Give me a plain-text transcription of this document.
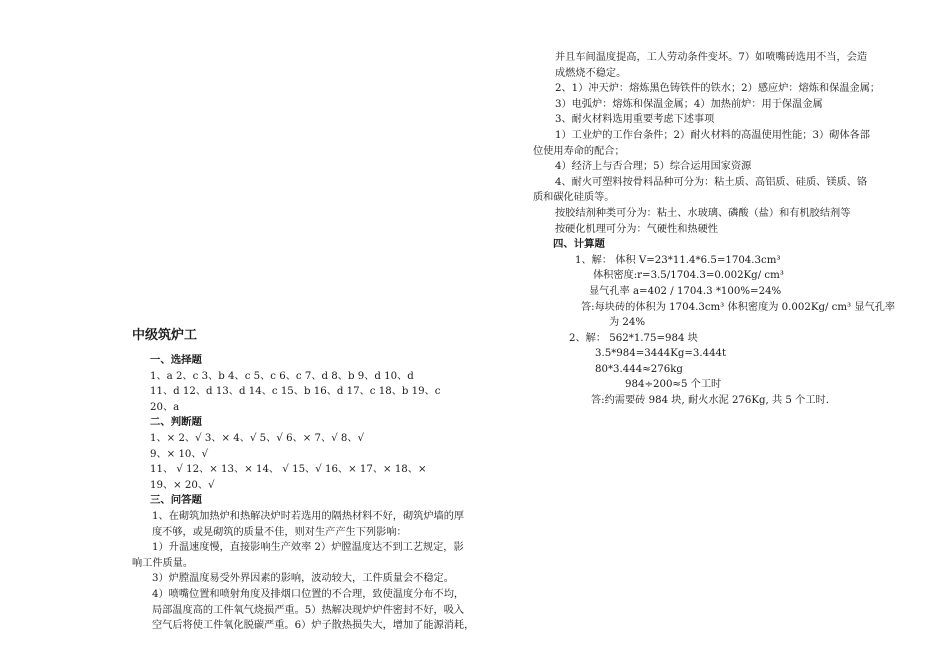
中级筑炉工
一、选择题
1、a 2、c 3、b 4、c 5、c 6、c 7、d 8、b 9、d 10、d
11、d 12、d 13、d 14、c 15、b 16、d 17、c 18、b 19、c
20、a
二、判断题
1、× 2、√ 3、× 4、√ 5、√ 6、× 7、√ 8、√
9、× 10、√
11、 √ 12、× 13、× 14、 √ 15、√ 16、× 17、× 18、×
19、× 20、√
三、问答题
1、在砌筑加热炉和热解决炉时若选用的隔热材料不好，砌筑炉墙的厚
度不够，或晃砌筑的质量不佳，则对生产产生下列影响：
1）升温速度慢，直接影响生产效率 2）炉膛温度达不到工艺规定，影
响工件质量。
3）炉膛温度易受外界因素的影响，波动较大，工件质量会不稳定。
4）喷嘴位置和喷射角度及排烟口位置的不合理，致使温度分布不均，
局部温度高的工件氧气烧损严重。5）热解决现炉炉件密封不好，吸入
空气后将使工件氧化脱碳严重。6）炉子散热损失大，增加了能源消耗，
并且车间温度提高，工人劳动条件变坏。7）如喷嘴砖选用不当，会造
成燃烧不稳定。
2、1）冲天炉：熔炼黑色铸铁件的铁水；2）感应炉：熔炼和保温金属；
3）电弧炉：熔炼和保温金属；4）加热前炉：用于保温金属
3、耐火材料选用重要考虑下述事项
1）工业炉的工作台条件；2）耐火材料的高温使用性能；3）砌体各部
位使用寿命的配合；
4）经济上与否合理；5）综合运用国家资源
4、耐火可塑料按骨料品种可分为：粘土质、高铝质、硅质、镁质、铬
质和碳化硅质等。
按胶结剂种类可分为：粘土、水玻璃、磷酸（盐）和有机胶结剂等
按硬化机理可分为：气硬性和热硬性
四、计算题
1、解： 体积 V=23*11.4*6.5=1704.3cm³
体积密度:r=3.5/1704.3=0.002Kg/ cm³
显气孔率 a=402 / 1704.3 *100%=24%
答:每块砖的体积为 1704.3cm³ 体积密度为 0.002Kg/ cm³ 显气孔率
为 24%
2、解： 562*1.75=984 块
3.5*984=3444Kg=3.444t
80*3.444≈276kg
984÷200≈5 个工时
答:约需要砖 984 块, 耐火水泥 276Kg, 共 5 个工时.
